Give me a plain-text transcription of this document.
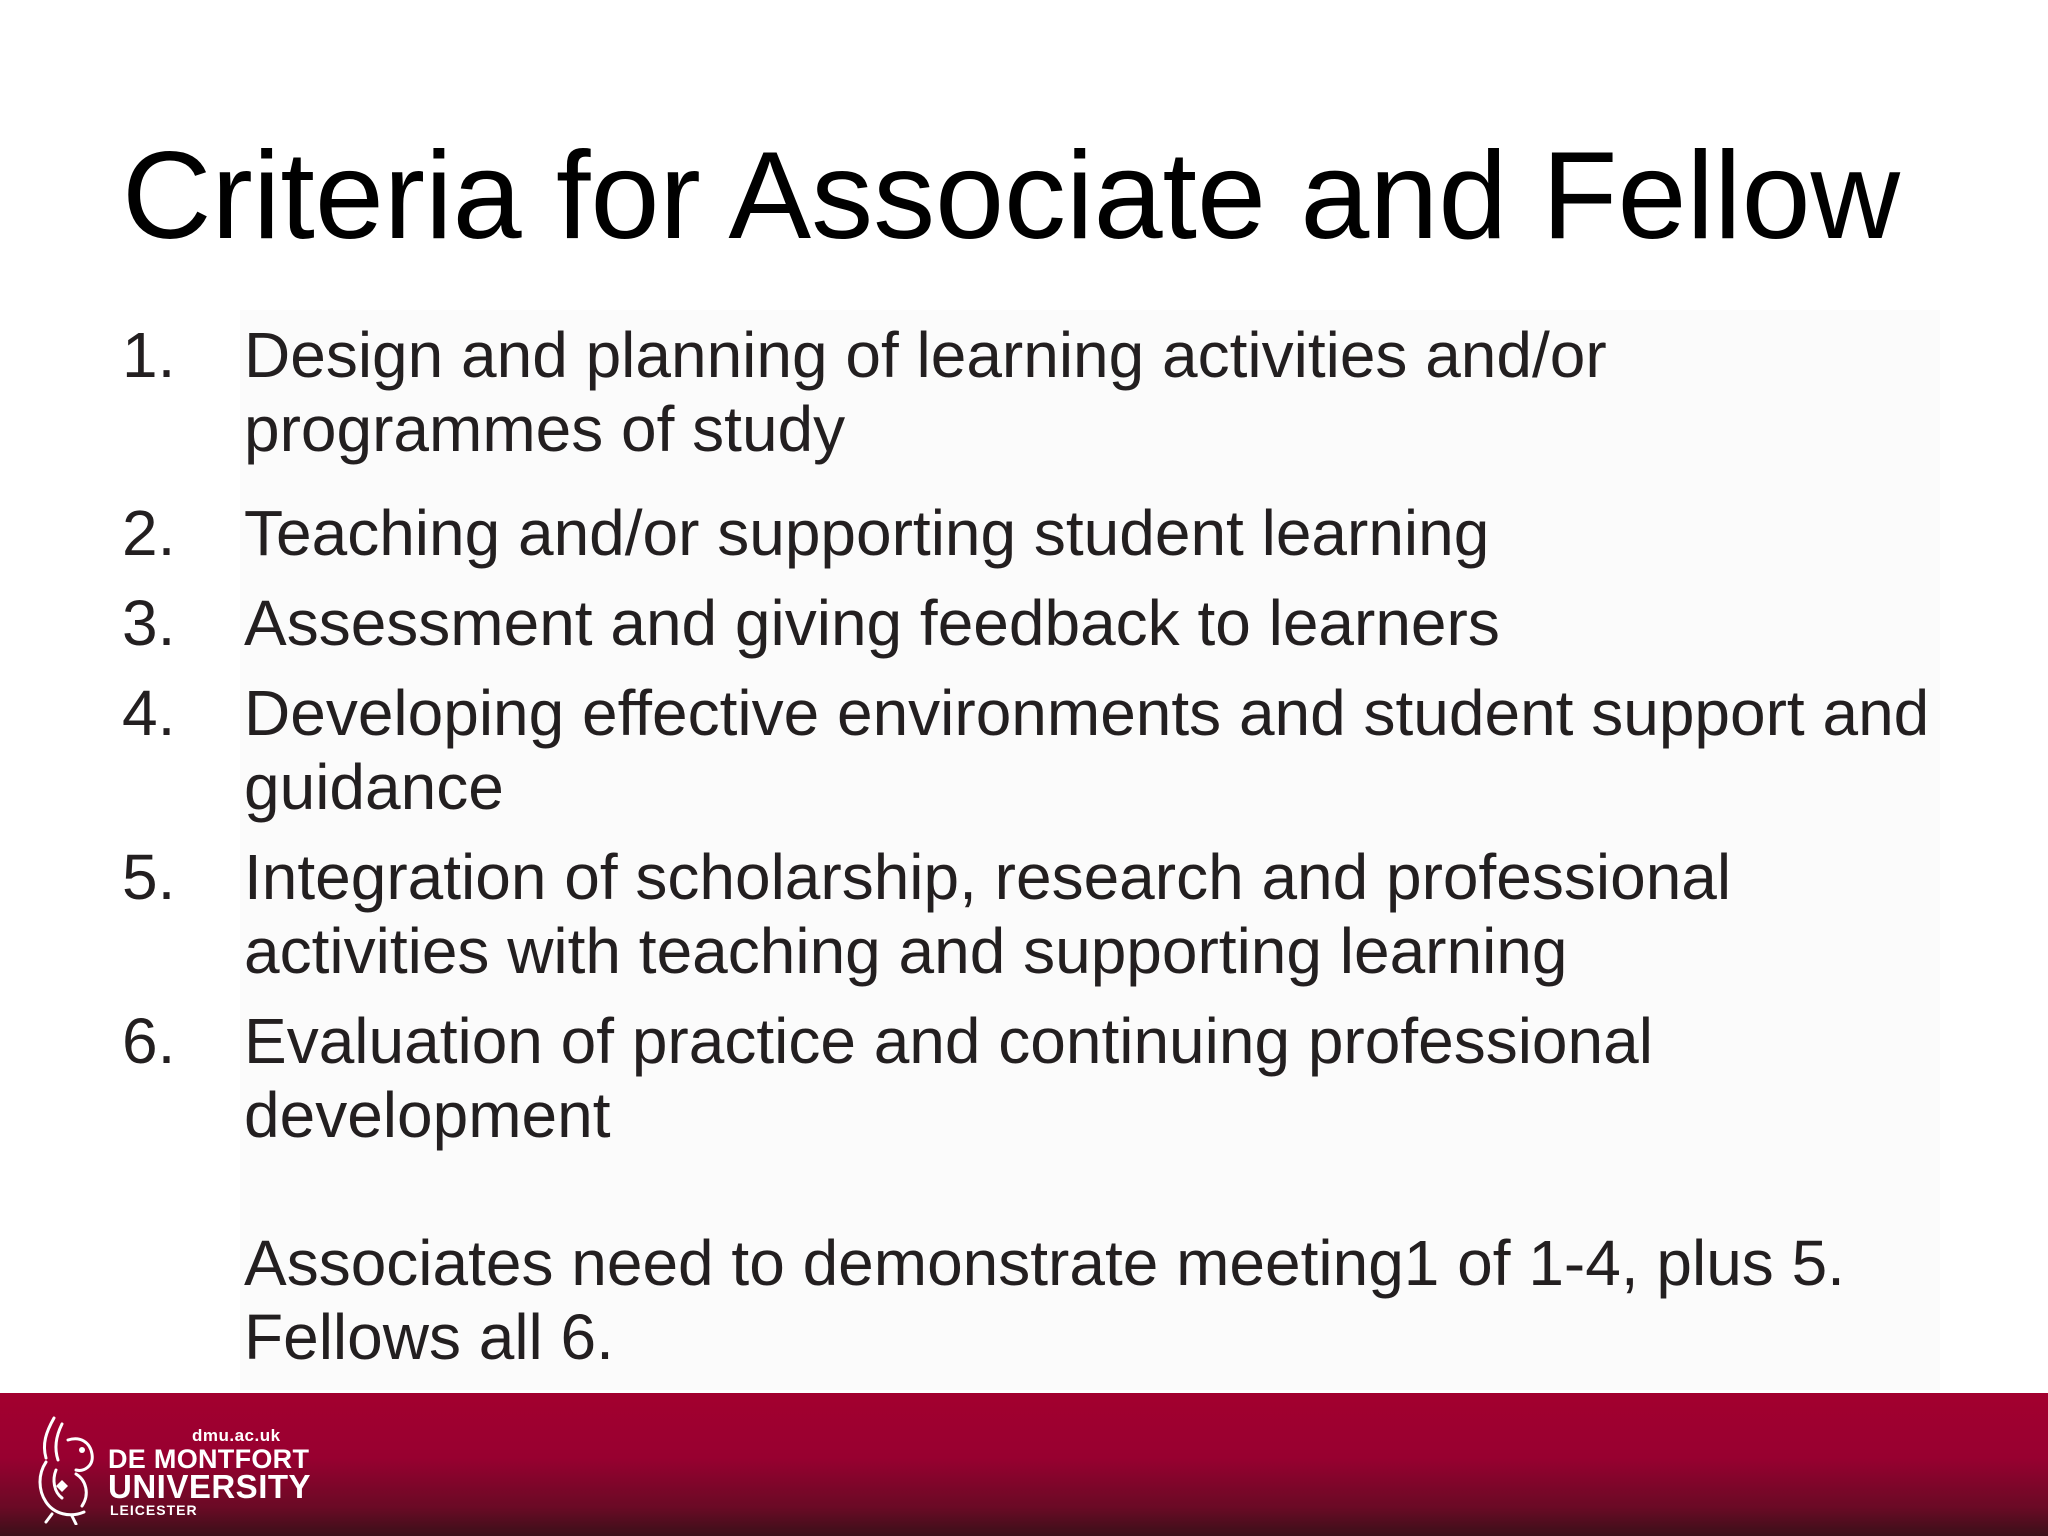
Criteria for Associate and Fellow
1. Design and planning of learning activities and/or programmes of study
2. Teaching and/or supporting student learning
3. Assessment and giving feedback to learners
4. Developing effective environments and student support and guidance
5. Integration of scholarship, research and professional activities with teaching and supporting learning
6. Evaluation of practice and continuing professional development
Associates need to demonstrate meeting1 of 1-4, plus 5.
Fellows all 6.
dmu.ac.uk
DE MONTFORT
UNIVERSITY
LEICESTER
